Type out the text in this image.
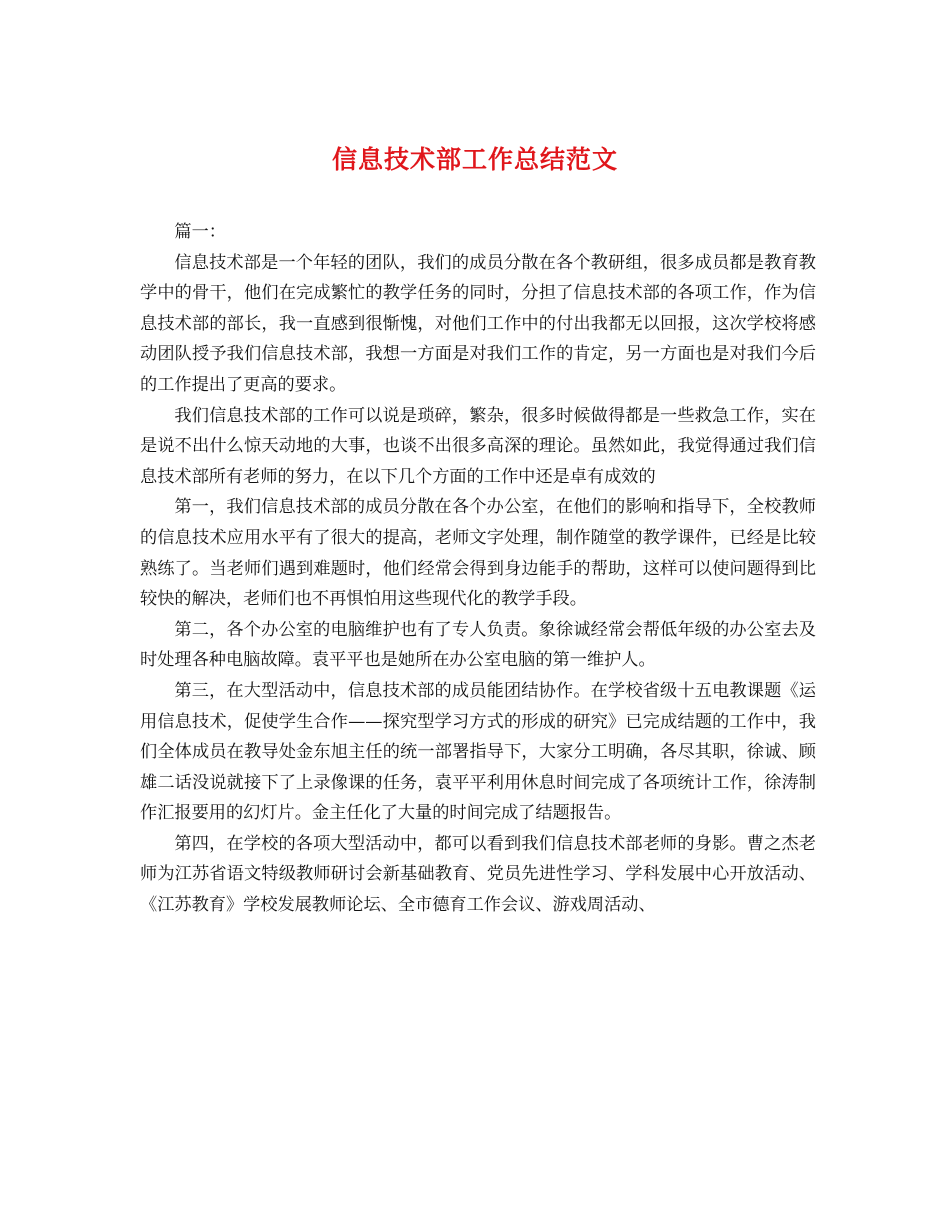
信息技术部工作总结范文

篇一：

信息技术部是一个年轻的团队，我们的成员分散在各个教研组，很多成员都是教育教学中的骨干，他们在完成繁忙的教学任务的同时，分担了信息技术部的各项工作，作为信息技术部的部长，我一直感到很惭愧，对他们工作中的付出我都无以回报，这次学校将感动团队授予我们信息技术部，我想一方面是对我们工作的肯定，另一方面也是对我们今后的工作提出了更高的要求。

我们信息技术部的工作可以说是琐碎，繁杂，很多时候做得都是一些救急工作，实在是说不出什么惊天动地的大事，也谈不出很多高深的理论。虽然如此，我觉得通过我们信息技术部所有老师的努力，在以下几个方面的工作中还是卓有成效的

第一，我们信息技术部的成员分散在各个办公室，在他们的影响和指导下，全校教师的信息技术应用水平有了很大的提高，老师文字处理，制作随堂的教学课件，已经是比较熟练了。当老师们遇到难题时，他们经常会得到身边能手的帮助，这样可以使问题得到比较快的解决，老师们也不再惧怕用这些现代化的教学手段。

第二，各个办公室的电脑维护也有了专人负责。象徐诚经常会帮低年级的办公室去及时处理各种电脑故障。袁平平也是她所在办公室电脑的第一维护人。

第三，在大型活动中，信息技术部的成员能团结协作。在学校省级十五电教课题《运用信息技术，促使学生合作——探究型学习方式的形成的研究》已完成结题的工作中，我们全体成员在教导处金东旭主任的统一部署指导下，大家分工明确，各尽其职，徐诚、顾雄二话没说就接下了上录像课的任务，袁平平利用休息时间完成了各项统计工作，徐涛制作汇报要用的幻灯片。金主任化了大量的时间完成了结题报告。

第四，在学校的各项大型活动中，都可以看到我们信息技术部老师的身影。曹之杰老师为江苏省语文特级教师研讨会新基础教育、党员先进性学习、学科发展中心开放活动、《江苏教育》学校发展教师论坛、全市德育工作会议、游戏周活动、
